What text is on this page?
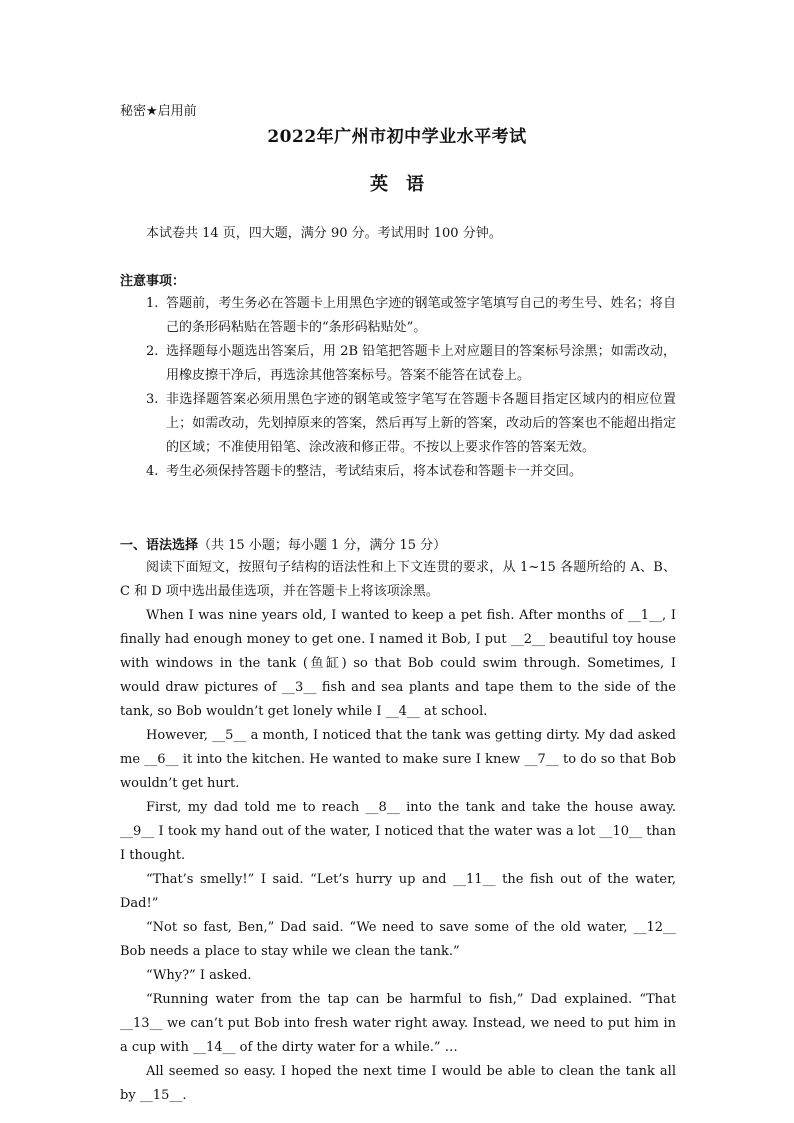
秘密★启用前
2022年广州市初中学业水平考试
英语
本试卷共 14 页，四大题，满分 90 分。考试用时 100 分钟。
注意事项：
1. 答题前，考生务必在答题卡上用黑色字迹的钢笔或签字笔填写自己的考生号、姓名；将自己的条形码粘贴在答题卡的“条形码粘贴处”。
2. 选择题每小题选出答案后，用 2B 铅笔把答题卡上对应题目的答案标号涂黑；如需改动，用橡皮擦干净后，再选涂其他答案标号。答案不能答在试卷上。
3. 非选择题答案必须用黑色字迹的钢笔或签字笔写在答题卡各题目指定区域内的相应位置上；如需改动，先划掉原来的答案，然后再写上新的答案，改动后的答案也不能超出指定的区域；不准使用铅笔、涂改液和修正带。不按以上要求作答的答案无效。
4. 考生必须保持答题卡的整洁，考试结束后，将本试卷和答题卡一并交回。
一、语法选择（共 15 小题；每小题 1 分，满分 15 分）

阅读下面短文，按照句子结构的语法性和上下文连贯的要求，从 1~15 各题所给的 A、B、C 和 D 项中选出最佳选项，并在答题卡上将该项涂黑。

When I was nine years old, I wanted to keep a pet fish. After months of __1__, I finally had enough money to get one. I named it Bob, I put __2__ beautiful toy house with windows in the tank (鱼缸) so that Bob could swim through. Sometimes, I would draw pictures of __3__ fish and sea plants and tape them to the side of the tank, so Bob wouldn’t get lonely while I __4__ at school.

However, __5__ a month, I noticed that the tank was getting dirty. My dad asked me __6__ it into the kitchen. He wanted to make sure I knew __7__ to do so that Bob wouldn’t get hurt.

First, my dad told me to reach __8__ into the tank and take the house away. __9__ I took my hand out of the water, I noticed that the water was a lot __10__ than I thought.

“That’s smelly!” I said. “Let’s hurry up and __11__ the fish out of the water, Dad!”

“Not so fast, Ben,” Dad said. “We need to save some of the old water, __12__ Bob needs a place to stay while we clean the tank.”

“Why?” I asked.

“Running water from the tap can be harmful to fish,” Dad explained. “That __13__ we can’t put Bob into fresh water right away. Instead, we need to put him in a cup with __14__ of the dirty water for a while.” …

All seemed so easy. I hoped the next time I would be able to clean the tank all by __15__.
